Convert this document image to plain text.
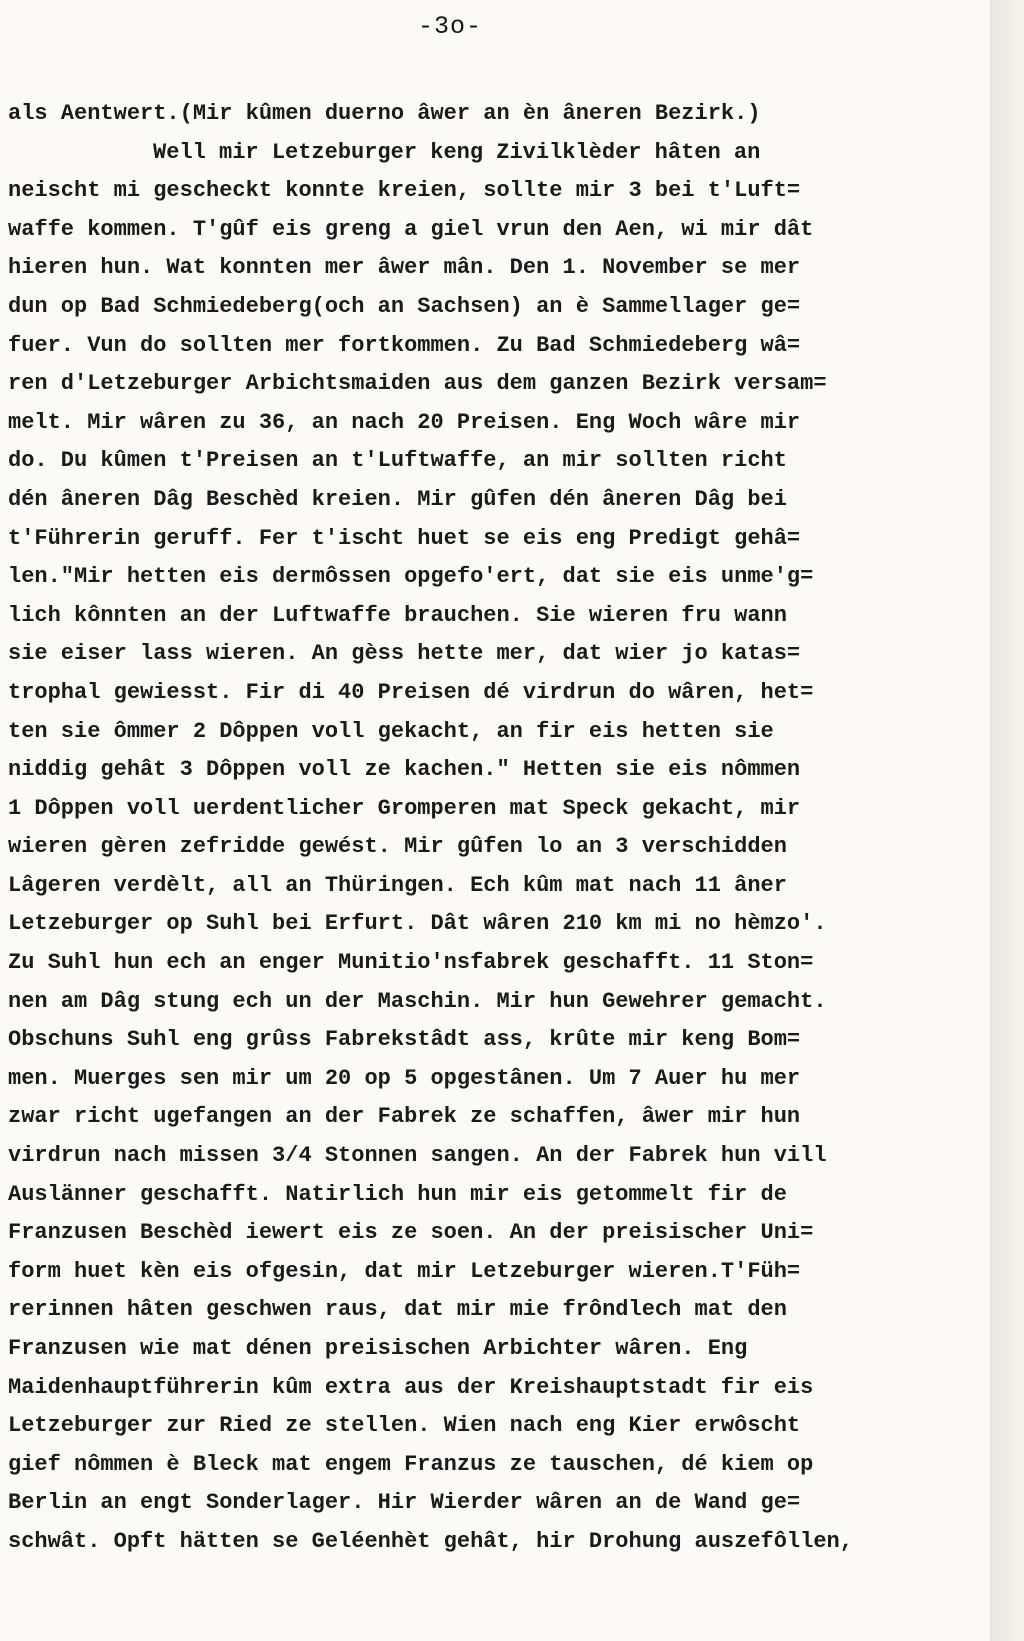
-3o-
als Aentwert.(Mir kûmen duerno âwer an èn âneren Bezirk.)
Well mir Letzeburger keng Zivilklèder hâten an
neischt mi gescheckt konnte kreien, sollte mir 3 bei t'Luft=
waffe kommen. T'gûf eis greng a giel vrun den Aen, wi mir dât
hieren hun. Wat konnten mer âwer mân. Den 1. November se mer
dun op Bad Schmiedeberg(och an Sachsen) an è Sammellager ge=
fuer. Vun do sollten mer fortkommen. Zu Bad Schmiedeberg wâ=
ren d'Letzeburger Arbichtsmaiden aus dem ganzen Bezirk versam=
melt. Mir wâren zu 36, an nach 20 Preisen. Eng Woch wâre mir
do. Du kûmen t'Preisen an t'Luftwaffe, an mir sollten richt
dén âneren Dâg Beschèd kreien. Mir gûfen dén âneren Dâg bei
t'Führerin geruff. Fer t'ischt huet se eis eng Predigt gehâ=
len."Mir hetten eis dermôssen opgefo'ert, dat sie eis unme'g=
lich kônnten an der Luftwaffe brauchen. Sie wieren fru wann
sie eiser lass wieren. An gèss hette mer, dat wier jo katas=
trophal gewiesst. Fir di 40 Preisen dé virdrun do wâren, het=
ten sie ômmer 2 Dôppen voll gekacht, an fir eis hetten sie
niddig gehât 3 Dôppen voll ze kachen." Hetten sie eis nômmen
1 Dôppen voll uerdentlicher Gromperen mat Speck gekacht, mir
wieren gèren zefridde gewést. Mir gûfen lo an 3 verschidden
Lâgeren verdèlt, all an Thüringen. Ech kûm mat nach 11 âner
Letzeburger op Suhl bei Erfurt. Dât wâren 210 km mi no hèmzo'.
Zu Suhl hun ech an enger Munitio'nsfabrek geschafft. 11 Ston=
nen am Dâg stung ech un der Maschin. Mir hun Gewehrer gemacht.
Obschuns Suhl eng grûss Fabrekstâdt ass, krûte mir keng Bom=
men. Muerges sen mir um 20 op 5 opgestânen. Um 7 Auer hu mer
zwar richt ugefangen an der Fabrek ze schaffen, âwer mir hun
virdrun nach missen 3/4 Stonnen sangen. An der Fabrek hun vill
Auslänner geschafft. Natirlich hun mir eis getommelt fir de
Franzusen Beschèd iewert eis ze soen. An der preisischer Uni=
form huet kèn eis ofgesin, dat mir Letzeburger wieren.T'Füh=
rerinnen hâten geschwen raus, dat mir mie frôndlech mat den
Franzusen wie mat dénen preisischen Arbichter wâren. Eng
Maidenhauptführerin kûm extra aus der Kreishauptstadt fir eis
Letzeburger zur Ried ze stellen. Wien nach eng Kier erwôscht
gief nômmen è Bleck mat engem Franzus ze tauschen, dé kiem op
Berlin an engt Sonderlager. Hir Wierder wâren an de Wand ge=
schwât. Opft hätten se Geléenhèt gehât, hir Drohung auszefôllen,
